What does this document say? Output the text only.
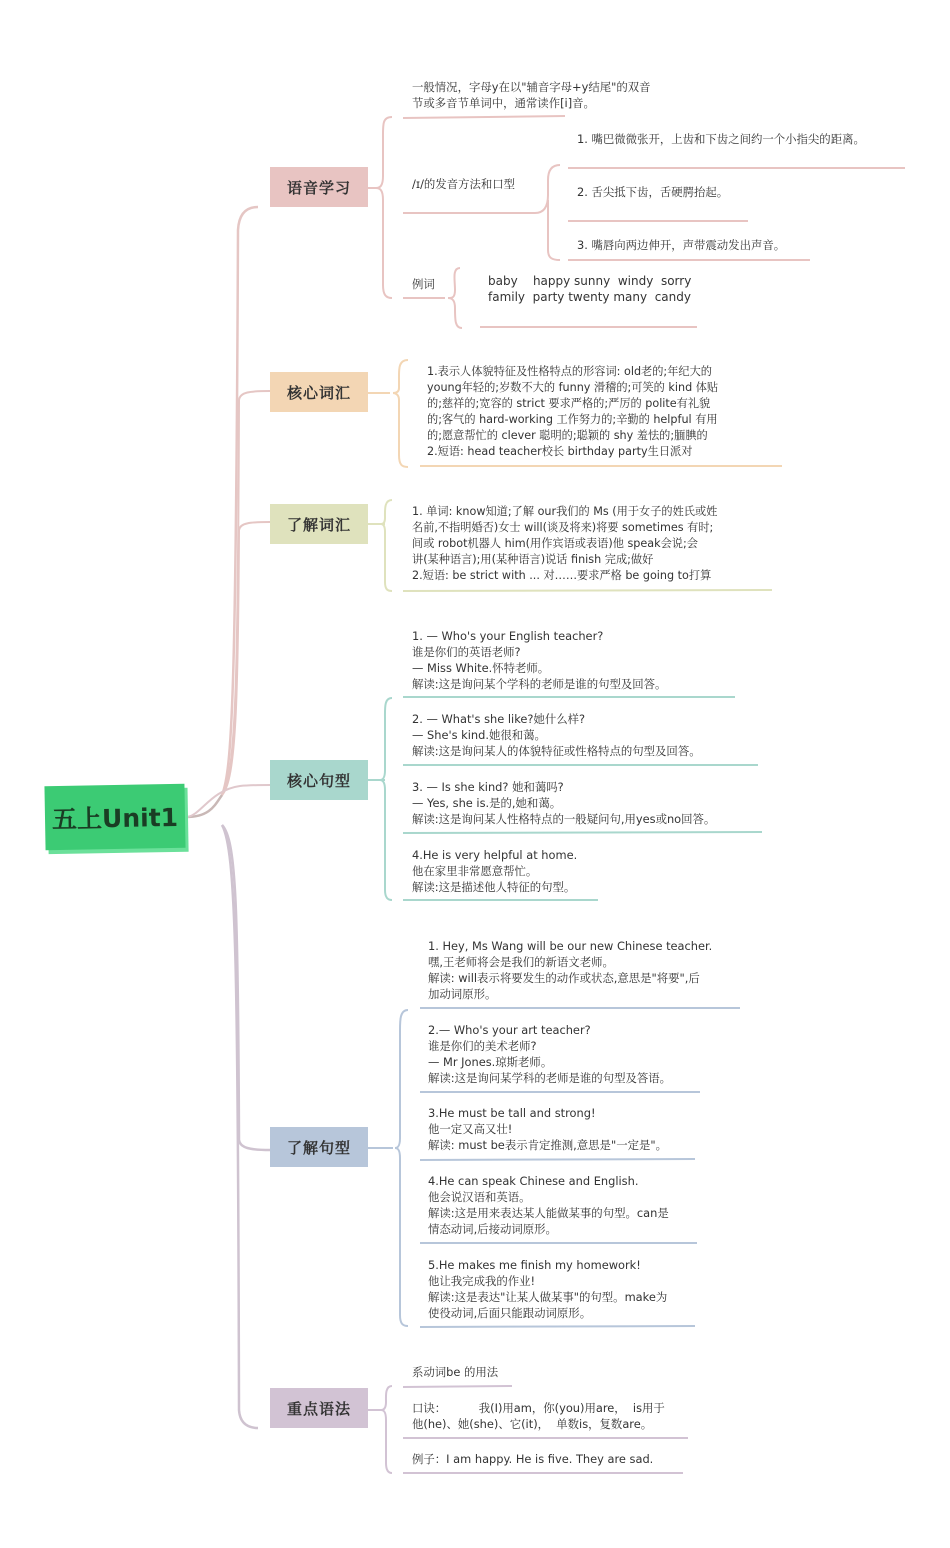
五上Unit1
语音学习
核心词汇
了解词汇
核心句型
了解句型
重点语法
一般情况，字母y在以"辅音字母+y结尾"的双音
节或多音节单词中，通常读作[i]音。
/ɪ/的发音方法和口型
1. 嘴巴微微张开，上齿和下齿之间约一个小指尖的距离。
2. 舌尖抵下齿，舌硬腭抬起。
3. 嘴唇向两边伸开，声带震动发出声音。
例词	baby    happy sunny  windy  sorry
family  party twenty many  candy
1.表示人体貌特征及性格特点的形容词: old老的;年纪大的
young年轻的;岁数不大的 funny 滑稽的;可笑的 kind 体贴
的;慈祥的;宽容的 strict 要求严格的;严厉的 polite有礼貌
的;客气的 hard-working 工作努力的;辛勤的 helpful 有用
的;愿意帮忙的 clever 聪明的;聪颖的 shy 羞怯的;腼腆的
2.短语: head teacher校长 birthday party生日派对
1. 单词: know知道;了解 our我们的 Ms (用于女子的姓氏或姓
名前,不指明婚否)女士 will(谈及将来)将要 sometimes 有时;
间或 robot机器人 him(用作宾语或表语)他 speak会说;会
讲(某种语言);用(某种语言)说话 finish 完成;做好
2.短语: be strict with ... 对……要求严格 be going to打算
1. — Who's your English teacher?
谁是你们的英语老师?
— Miss White.怀特老师。
解读:这是询问某个学科的老师是谁的句型及回答。
2. — What's she like?她什么样?
— She's kind.她很和蔼。
解读:这是询问某人的体貌特征或性格特点的句型及回答。
3. — Is she kind? 她和蔼吗?
— Yes, she is.是的,她和蔼。
解读:这是询问某人性格特点的一般疑问句,用yes或no回答。
4.He is very helpful at home.
他在家里非常愿意帮忙。
解读:这是描述他人特征的句型。
1. Hey, Ms Wang will be our new Chinese teacher.
嘿,王老师将会是我们的新语文老师。
解读: will表示将要发生的动作或状态,意思是"将要",后
加动词原形。
2.— Who's your art teacher?
谁是你们的美术老师?
— Mr Jones.琼斯老师。
解读:这是询问某学科的老师是谁的句型及答语。
3.He must be tall and strong!
他一定又高又壮!
解读: must be表示肯定推测,意思是"一定是"。
4.He can speak Chinese and English.
他会说汉语和英语。
解读:这是用来表达某人能做某事的句型。can是
情态动词,后接动词原形。
5.He makes me finish my homework!
他让我完成我的作业!
解读:这是表达"让某人做某事"的句型。make为
使役动词,后面只能跟动词原形。
系动词be 的用法
口诀：         我(I)用am，你(you)用are，  is用于
他(he)、她(she)、它(it)，  单数is，复数are。
例子：I am happy. He is five. They are sad.
